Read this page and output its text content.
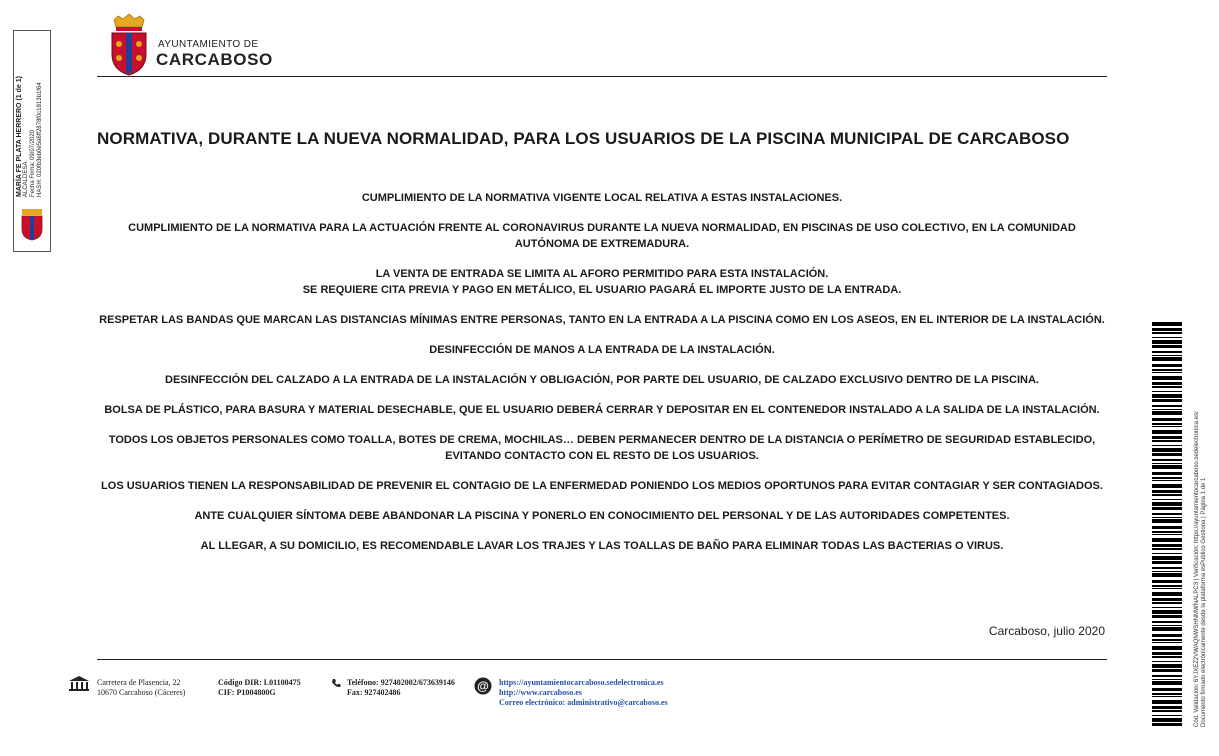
MARÍA FE PLATA HERRERO (1 de 1) ALCALDESA Fecha Firma: 09/07/2020 HASH: 020fb3eb0e5a6ff2878f0c1813b1f64
AYUNTAMIENTO DE
CARCABOSO
NORMATIVA, DURANTE LA NUEVA NORMALIDAD, PARA LOS USUARIOS DE LA PISCINA MUNICIPAL DE CARCABOSO

CUMPLIMIENTO DE LA NORMATIVA VIGENTE LOCAL RELATIVA A ESTAS INSTALACIONES.

CUMPLIMIENTO DE LA NORMATIVA PARA LA ACTUACIÓN FRENTE AL CORONAVIRUS DURANTE LA NUEVA NORMALIDAD, EN PISCINAS DE USO COLECTIVO, EN LA COMUNIDAD AUTÓNOMA DE EXTREMADURA.

LA VENTA DE ENTRADA SE LIMITA AL AFORO PERMITIDO PARA ESTA INSTALACIÓN.

SE REQUIERE CITA PREVIA Y PAGO EN METÁLICO, EL USUARIO PAGARÁ EL IMPORTE JUSTO DE LA ENTRADA.

RESPETAR LAS BANDAS QUE MARCAN LAS DISTANCIAS MÍNIMAS ENTRE PERSONAS, TANTO EN LA ENTRADA A LA PISCINA COMO EN LOS ASEOS, EN EL INTERIOR DE LA INSTALACIÓN.

DESINFECCIÓN DE MANOS A LA ENTRADA DE LA INSTALACIÓN.

DESINFECCIÓN DEL CALZADO A LA ENTRADA DE LA INSTALACIÓN Y OBLIGACIÓN, POR PARTE DEL USUARIO, DE CALZADO EXCLUSIVO DENTRO DE LA PISCINA.

BOLSA DE PLÁSTICO, PARA BASURA Y MATERIAL DESECHABLE, QUE EL USUARIO DEBERÁ CERRAR Y DEPOSITAR EN EL CONTENEDOR INSTALADO A LA SALIDA DE LA INSTALACIÓN.

TODOS LOS OBJETOS PERSONALES COMO TOALLA, BOTES DE CREMA, MOCHILAS… DEBEN PERMANECER DENTRO DE LA DISTANCIA O PERÍMETRO DE SEGURIDAD ESTABLECIDO, EVITANDO CONTACTO CON EL RESTO DE LOS USUARIOS.

LOS USUARIOS TIENEN LA RESPONSABILIDAD DE PREVENIR EL CONTAGIO DE LA ENFERMEDAD PONIENDO LOS MEDIOS OPORTUNOS PARA EVITAR CONTAGIAR Y SER CONTAGIADOS.

ANTE CUALQUIER SÍNTOMA DEBE ABANDONAR LA PISCINA Y PONERLO EN CONOCIMIENTO DEL PERSONAL Y DE LAS AUTORIDADES COMPETENTES.

AL LLEGAR, A SU DOMICILIO, ES RECOMENDABLE LAVAR LOS TRAJES Y LAS TOALLAS DE BAÑO PARA ELIMINAR TODAS LAS BACTERIAS O VIRUS.

Carcaboso, julio 2020
Carretera de Plasencia, 22
10670 Carcaboso (Cáceres)
Código DIR: L01100475
CIF: P1004800G
Teléfono: 927402002/673639146
Fax: 927402486	@ https://ayuntamientocarcaboso.sedelectronica.es
http://www.carcaboso.es
Correo electrónico: administrativo@carcaboso.es	Cód. Validación: 6YJXEZ2VWAQNWSHNMWNALPC3 | Verificación: https://ayuntamientocarcaboso.sedelectronica.es/ Documento firmado electrónicamente desde la plataforma esPublico Gestiona | Página 1 de 1
